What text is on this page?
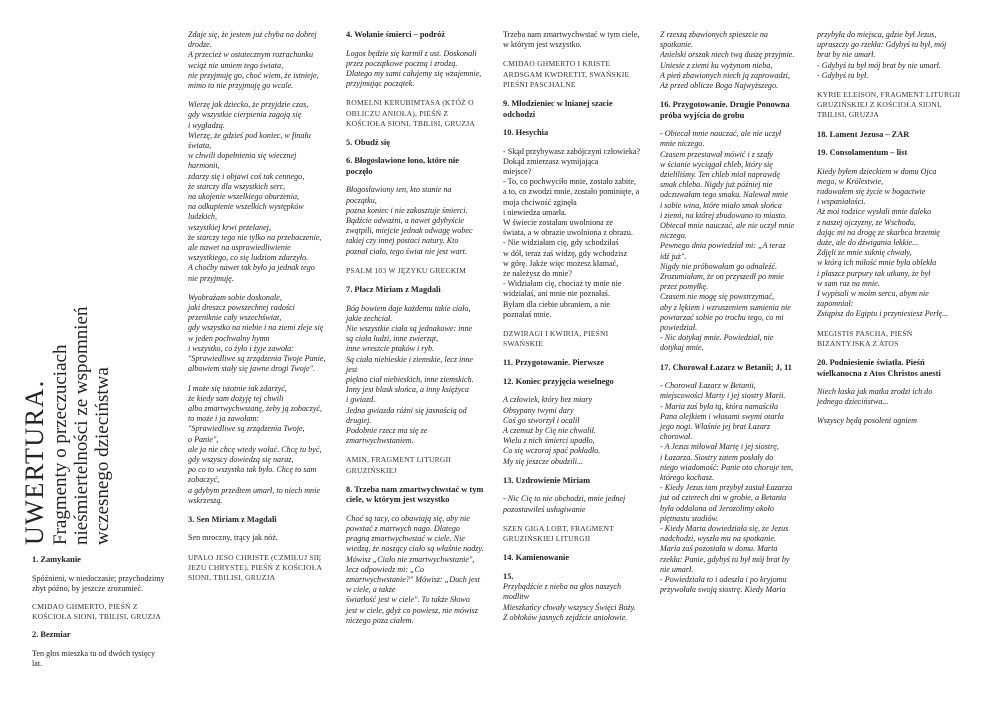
UWERTURA. Fragmenty o przeczuciach
nieśmiertelności ze wspomnień
wczesnego dzieciństwa
1. Zamykanie

Spóźnieni, w niedoczasie; przychodzimy zbyt późno, by jeszcze zrozumieć.

CMIDAO GHMERTO, PIEŚŃ Z KOŚCIOŁA SIONI, TBILISI, GRUZJA

2. Bezmiar

Ten głos mieszka tu od dwóch tysięcy lat.

Zdaje się, że jestem już chyba na dobrej drodze.
A przecież w ostatecznym rozrachunku wciąż nie umiem tego świata,
nie przyjmuję go, choć wiem, że istnieje,
mimo to nie przyjmuję go wcale.

Wierzę jak dziecko, że przyjdzie czas,
gdy wszystkie cierpienia zagoją się
i wygładzą.
Wierzę, że gdzieś pod koniec, w finału świata,
w chwili dopełnienia się wiecznej harmonii,
zdarzy się i objawi coś tak cennego,
że starczy dla wszystkich serc,
na ukojenie wszelkiego oburzenia,
na odkupienie wszelkich występków ludzkich,
wszystkiej krwi przelanej,
że starczy tego nie tylko na przebaczenie,
ale nawet na usprawiedliwienie wszystkiego, co się ludziom zdarzyło.
A choćby nawet tak było ja jednak tego nie przyjmuję.

Wyobraźam sobie doskonale,
jaki dreszcz powszechnej radości przeniknie cały wszechświat,
gdy wszystko na niebie i na ziemi zleje się w jeden pochwalny hymn
i wszystko, co żyło i żyje zawoła:
"Sprawiedliwe są zrządzenia Twoje Panie,
albowiem stały się jawne drogi Twoje".

I może się istotnie tak zdarzyć,
że kiedy sam dożyję tej chwili
albo zmartwychwstanę, żeby ją zobaczyć,
to może i ja zawołam:
"Sprawiedliwe są zrządzenia Twoje,
o Panie",
ale ja nie chcę wtedy wołać. Chcę tu być,
gdy wszyscy dowiedzą się naraz,
po co to wszystko tak było. Chcę to sam zobaczyć,
a gdybym przedtem umarł, to niech mnie wskrzeszą.

3. Sen Miriam z Magdali

Sen mroczny, trący jak nóż.

UPALO JESO CHRISTE (CZMIŁUJ SIĘ JEZU CHRYSTE), PIEŚŃ Z KOŚCIOŁA SIONI, TBILISI, GRUZJA

4. Wołanie śmierci – podróż

Logos będzie się karmił z ust. Doskonali przez początkowe poczną i zrodzą.
Dlatego my sami całujemy się wzajemnie,
przyjmując początek.

ROMELNI KERUBIMTASA (KTÓŻ O OBLICZU ANIOŁA), PIEŚŃ Z KOŚCIOŁA SIONI, TBILISI, GRUZJA

5. Obudź się
6. Błogosławione łono, które nie poczęło

Błogosławiony ten, kto stanie na początku,
pozna koniec i nie zakosztuje śmierci.
Bądźcie odważni, a nawet gdybyście
zwątpili, miejcie jednak odwagę wobec
takiej czy innej postaci natury. Kto
poznał ciało, tego świat nie jest wart.

PSALM 103 W JĘZYKU GRECKIM

7. Płacz Miriam z Magdali

Bóg bowiem daje każdemu takie ciało,
jakie zechciał.
Nie wszystkie ciała są jednakowe: inne
są ciała ludzi, inne zwierząt,
inne wreszcie ptaków i ryb.
Są ciała niebieskie i ziemskie, lecz inne jest
piękno ciał niebieskich, inne ziemskich.
Inny jest blask słońca, a inny księżyca
i gwiazd.
Jedna gwiazda różni się jasnością od
drugiej.
Podobnie rzecz ma się ze zmartwychwstaniem.

AMIN, FRAGMENT LITURGII GRUZIŃSKIEJ

8. Trzeba nam zmartwychwstać w tym ciele, w którym jest wszystko

Choć są tacy, co obawiają się, aby nie
powstać z martwych nago. Dlatego
pragną zmartwychwstać w ciele. Nie
wiedzą, że noszący ciało są właśnie nadzy.
Mówisz „Ciało nie zmartwychwstanie",
lecz odpowiedz mi: „Co zmartwychwstanie?" Mówisz: „Duch jest w ciele, a także
światłość jest w ciele". To także Słowo
jest w ciele, gdyż co powiesz, nie mówisz
niczego poza ciałem.

Trzeba nam zmartwychwstać w tym ciele,
w którym jest wszystko.

CMIDAO GHMERTO I KRISTE ARDSGAM KWDRETIT, SWAŃSKIE PIEŚNI PASCHALNE

9. Młodzieniec w lnianej szacie odchodzi
10. Hesychia

- Skąd przybywasz zabójczyni człowieka? Dokąd zmierzasz wymijająca
miejsce?
- To, co pochwyciło mnie, zostało zabite,
a to, co zwodzi mnie, zostało pominięte, a moja chciwość zginęła
i niewiedza umarła.
W świecie zostałam uwolniona ze
świata, a w obrazie uwolniona z obrazu.
- Nie widziałam cię, gdy schodziłaś
w dół, teraz zaś widzę, gdy wchodzisz
w górę. Jakże więc możesz kłamać,
że należysz do mnie?
- Widziałam cię, chociaż ty mnie nie
widziałaś, ani mnie nie poznałaś.
Byłam dla ciebie ubraniem, a nie
poznałaś mnie.

DZWIRAGI I KWIRIA, PIEŚNI SWAŃSKIE

11. Przygotowanie. Pierwsze
12. Koniec przyjęcia weselnego

A człowiek, który bez miary
Obsypany twymi dary
Coś go stworzył i ocalił
A czemuż by Cię nie chwalił.
Wielu z nich śmierci upadło,
Co się wczoraj spać pokładło.
My się jeszcze obudzili...

13. Uzdrowienie Miriam

- Nic Cię to nie obchodzi, mnie jednej
pozostawiłeś usługiwanie

SZEN GIGA LOBT, FRAGMENT GRUZIŃSKIEJ LITURGII

14. Kamienowanie
15.

Przybądźcie z nieba na głos naszych
modlitw
Mieszkańcy chwały wszyscy Święci Boży.
Z obłoków jasnych zejdźcie aniołowie.

Z rzeszą zbawionych spieszcie na
spotkanie.
Anielski orszak niech twą duszę przyjmie.
Uniesie z ziemi ku wyżynom nieba,
A pień zbawionych niech ją zaprowadzi,
Aż przed oblicze Boga Najwyższego.

16. Przygotowanie. Drugie Ponowna próba wyjścia do grobu

- Obiecał mnie nauczać, ale nie uczył
mnie niczego.
Czasem przestawał mówić i z szafy
w ścianie wyciągał chleb, który się
dzieliliśmy. Ten chleb miał naprawdę
smak chleba. Nigdy już później nie
odczuwałam tego smaku. Nalewał mnie
i sobie wina, które miało smak słońca
i ziemi, na której zbudowano to miasto.
Obiecał mnie nauczać, ale nie uczył mnie
niczego.
Pewnego dnia powiedział mi: „A teraz
idź już".
Nigdy nie próbowałam go odnaleźć.
Zrozumiałam, że on przyszedł po mnie
przez pomyłkę.
Czasem nie mogę się powstrzymać,
aby z lękiem i wzruszeniem sumienia nie
powtarzać sobie po trochu tego, co mi
powiedział.
- Nic dotykaj mnie. Powiedział, nie
dotykaj mnie.

17. Chorował Łazarz w Betanii; J, 11

- Chorował Łazarz w Betanii,
miejscowości Marty i jej siostry Marii.
- Maria zaś była tą, która namaściła
Pana olejkiem i włosami swymi otarła
jego nogi. Właśnie jej brat Łazarz
chorował.
- A Jezus miłował Martę i jej siostrę,
i Łazarza. Siostry zatem posłały do
niego wiadomość: Panie oto choruje ten,
którego kochasz.
- Kiedy Jezus tam przybył zastał Łazarza
już od czterech dni w grobie, a Betania
była oddalona od Jerozolimy około
piętnastu stadiów.
- Kiedy Marta dowiedziała się, że Jezus
nadchodzi, wyszła mu na spotkanie.
Maria zaś pozostała w domu. Marta
rzekła: Panie, gdybyś tu był mój brat by
nie umarł.
- Powiedziała to i odeszła i po kryjomu
przywołała swoją siostrę. Kiedy Maria

przybyła do miejsca, gdzie był Jezus,
upraszczy go rzekła: Gdybyś tu był, mój
brat by nie umarł.
- Gdybyś tu był mój brat by nie umarł.
- Gdybyś tu był.

KYRIE ELEISON, FRAGMENT LITURGII GRUZIŃSKIEJ Z KOŚCIOŁA SIONI, TBILISI, GRUZJA

18. Lament Jezusa – ZAR
19. Consolamentum – list

Kiedy byłem dzieckiem w domu Ojca
mego, w Królestwie,
radowałem się życie w bogactwie
i wspaniałości.
Aż moi rodzice wysłali mnie daleko
z naszej ojczyzny, ze Wschodu,
dając mi na drogę ze skarbca brzemię
duże, ale do dźwigania lekkie...
Zdjęli ze mnie suknię chwały,
w którą ich miłość mnie była oblekła
i płaszcz purpury tak utkany, że był
w sam raz na mnie.
I wypisali w moim sercu, abym nie
zapomniał:
Zstąpisz do Egiptu i przyniesiesz Perłę...

MEGISTIS PASCHA, PIEŚŃ BIZANTYJSKA Z ATOS

20. Podniesienie światła. Pieśń wielkanocna z Atos Christos anesti

Niech łaska jak matka zrodzi ich do
jednego dzieciństwa...

Wszyscy będą posoleni ogniem
